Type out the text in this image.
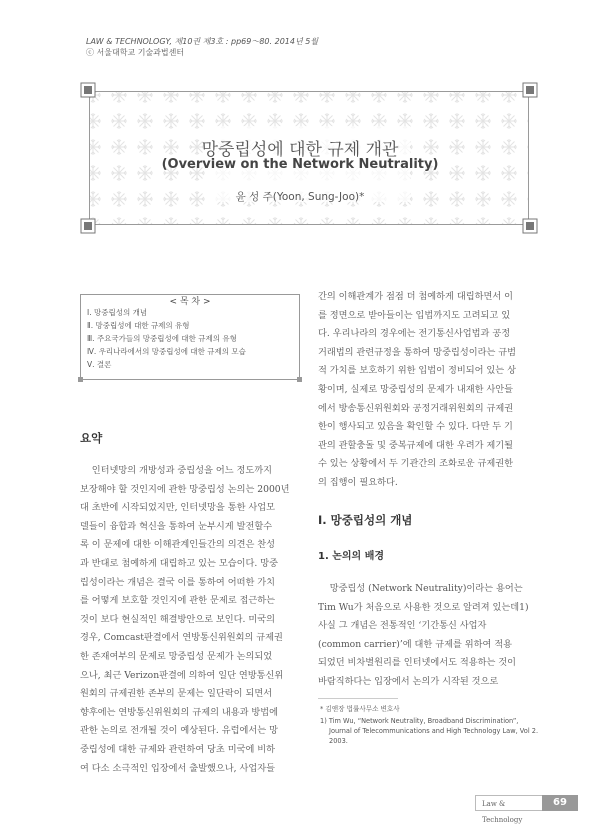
LAW & TECHNOLOGY, 제10권 제3호 : pp69～80. 2014년 5월
ⓒ 서울대학교 기술과법센터
망중립성에 대한 규제 개관
(Overview on the Network Neutrality)
윤 성 주(Yoon, Sung-Joo)*
< 목 차 >
Ⅰ. 망중립성의 개념
Ⅱ. 망중립성에 대한 규제의 유형
Ⅲ. 주요국가들의 망중립성에 대한 규제의 유형
Ⅳ. 우리나라에서의 망중립성에 대한 규제의 모습
Ⅴ. 결론
요약
인터넷망의 개방성과 중립성을 어느 정도까지
보장해야 할 것인지에 관한 망중립성 논의는 2000년
대 초반에 시작되었지만, 인터넷망을 통한 사업모
델들이 융합과 혁신을 통하여 눈부시게 발전할수
록 이 문제에 대한 이해관계인들간의 의견은 찬성
과 반대로 첨예하게 대립하고 있는 모습이다. 망중
립성이라는 개념은 결국 이를 통하여 어떠한 가치
를 어떻게 보호할 것인지에 관한 문제로 접근하는
것이 보다 현실적인 해결방안으로 보인다. 미국의
경우, Comcast판결에서 연방통신위원회의 규제권
한 존재여부의 문제로 망중립성 문제가 논의되었
으나, 최근 Verizon판결에 의하여 일단 연방통신위
원회의 규제권한 존부의 문제는 일단락이 되면서
향후에는 연방통신위원회의 규제의 내용과 방법에
관한 논의로 전개될 것이 예상된다. 유럽에서는 망
중립성에 대한 규제와 관련하여 당초 미국에 비하
여 다소 소극적인 입장에서 출발했으나, 사업자들
간의 이해관계가 점점 더 첨예하게 대립하면서 이
를 정면으로 받아들이는 입법까지도 고려되고 있
다. 우리나라의 경우에는 전기통신사업법과 공정
거래법의 관련규정을 통하여 망중립성이라는 규범
적 가치를 보호하기 위한 입법이 정비되어 있는 상
황이며, 실제로 망중립성의 문제가 내재한 사안들
에서 방송통신위원회와 공정거래위원회의 규제권
한이 행사되고 있음을 확인할 수 있다. 다만 두 기
관의 관할충돌 및 중복규제에 대한 우려가 제기될
수 있는 상황에서 두 기관간의 조화로운 규제권한
의 집행이 필요하다.
Ⅰ. 망중립성의 개념
1. 논의의 배경
망중립성 (Network Neutrality)이라는 용어는
Tim Wu가 처음으로 사용한 것으로 알려져 있는데1)
사실 그 개념은 전통적인 ‘기간통신 사업자
(common carrier)’에 대한 규제를 위하여 적용
되었던 비차별원리를 인터넷에서도 적용하는 것이
바람직하다는 입장에서 논의가 시작된 것으로
* 김앤장 법률사무소 변호사
1) Tim Wu, “Network Neutrality, Broadband Discrimination”,
Journal of Telecommunications and High Technology Law, Vol 2.
2003.
Law & Technology
69
